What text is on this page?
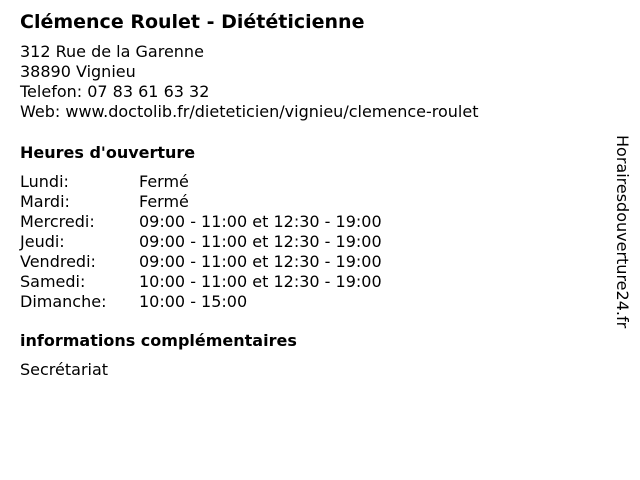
Clémence Roulet - Diététicienne
312 Rue de la Garenne
38890 Vignieu
Telefon: 07 83 61 63 32
Web: www.doctolib.fr/dieteticien/vignieu/clemence-roulet
Heures d'ouverture
Lundi:	Fermé
Mardi:	Fermé
Mercredi:	09:00 - 11:00 et 12:30 - 19:00
Jeudi:	09:00 - 11:00 et 12:30 - 19:00
Vendredi:	09:00 - 11:00 et 12:30 - 19:00
Samedi:	10:00 - 11:00 et 12:30 - 19:00
Dimanche:	10:00 - 15:00
informations complémentaires
Secrétariat
Horairesdouverture24.fr
